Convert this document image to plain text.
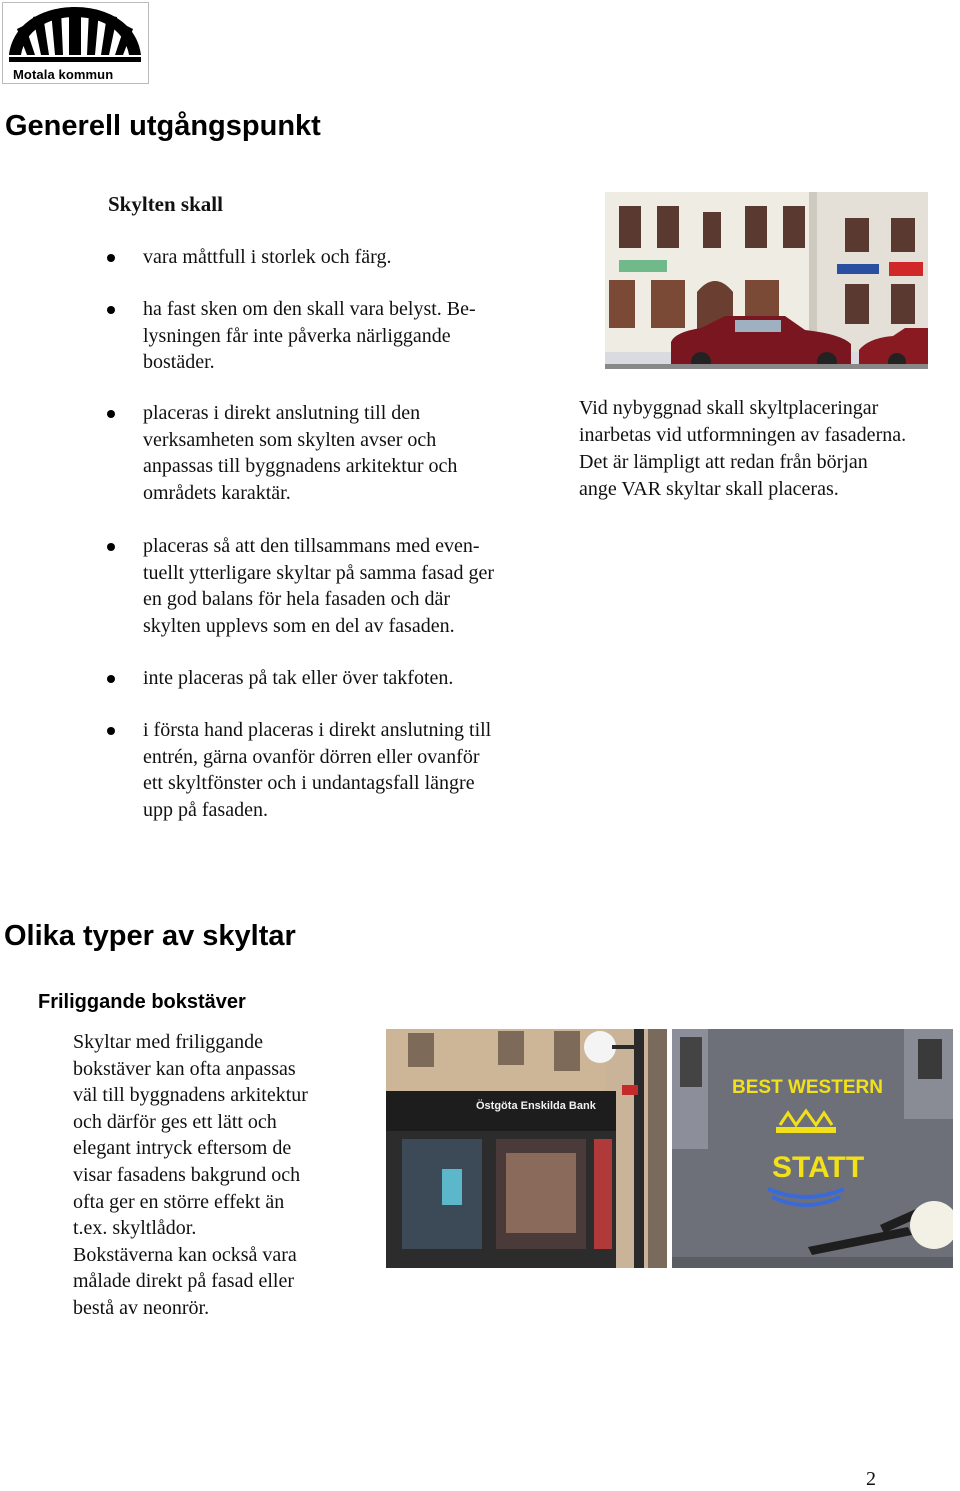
Motala kommun
Generell utgångspunkt
Skylten skall
vara måttfull i storlek och färg.
ha fast sken om den skall vara belyst. Be-
lysningen får inte påverka närliggande
bostäder.
placeras i direkt anslutning till den
verksamheten som skylten avser och
anpassas till byggnadens arkitektur och
områdets karaktär.
placeras så att den tillsammans med even-
tuellt ytterligare skyltar på samma fasad ger
en god balans för hela fasaden och där
skylten upplevs som en del av fasaden.
inte placeras på tak eller över takfoten.
i första hand placeras i direkt anslutning till
entrén, gärna ovanför dörren eller ovanför
ett skyltfönster och i undantagsfall längre
upp på fasaden.
Vid nybyggnad skall skyltplaceringar
inarbetas vid utformningen av fasaderna.
Det är lämpligt att redan från början
ange VAR skyltar skall placeras.
Olika typer av skyltar
Friliggande bokstäver
Skyltar med friliggande
bokstäver kan ofta anpassas
väl till byggnadens arkitektur
och därför ges ett lätt och
elegant intryck eftersom de
visar fasadens bakgrund och
ofta ger en större effekt än
t.ex. skyltlådor.
Bokstäverna kan också vara
målade direkt på fasad eller
bestå av neonrör.
Östgöta Enskilda Bank
BEST WESTERN
STATT
2
